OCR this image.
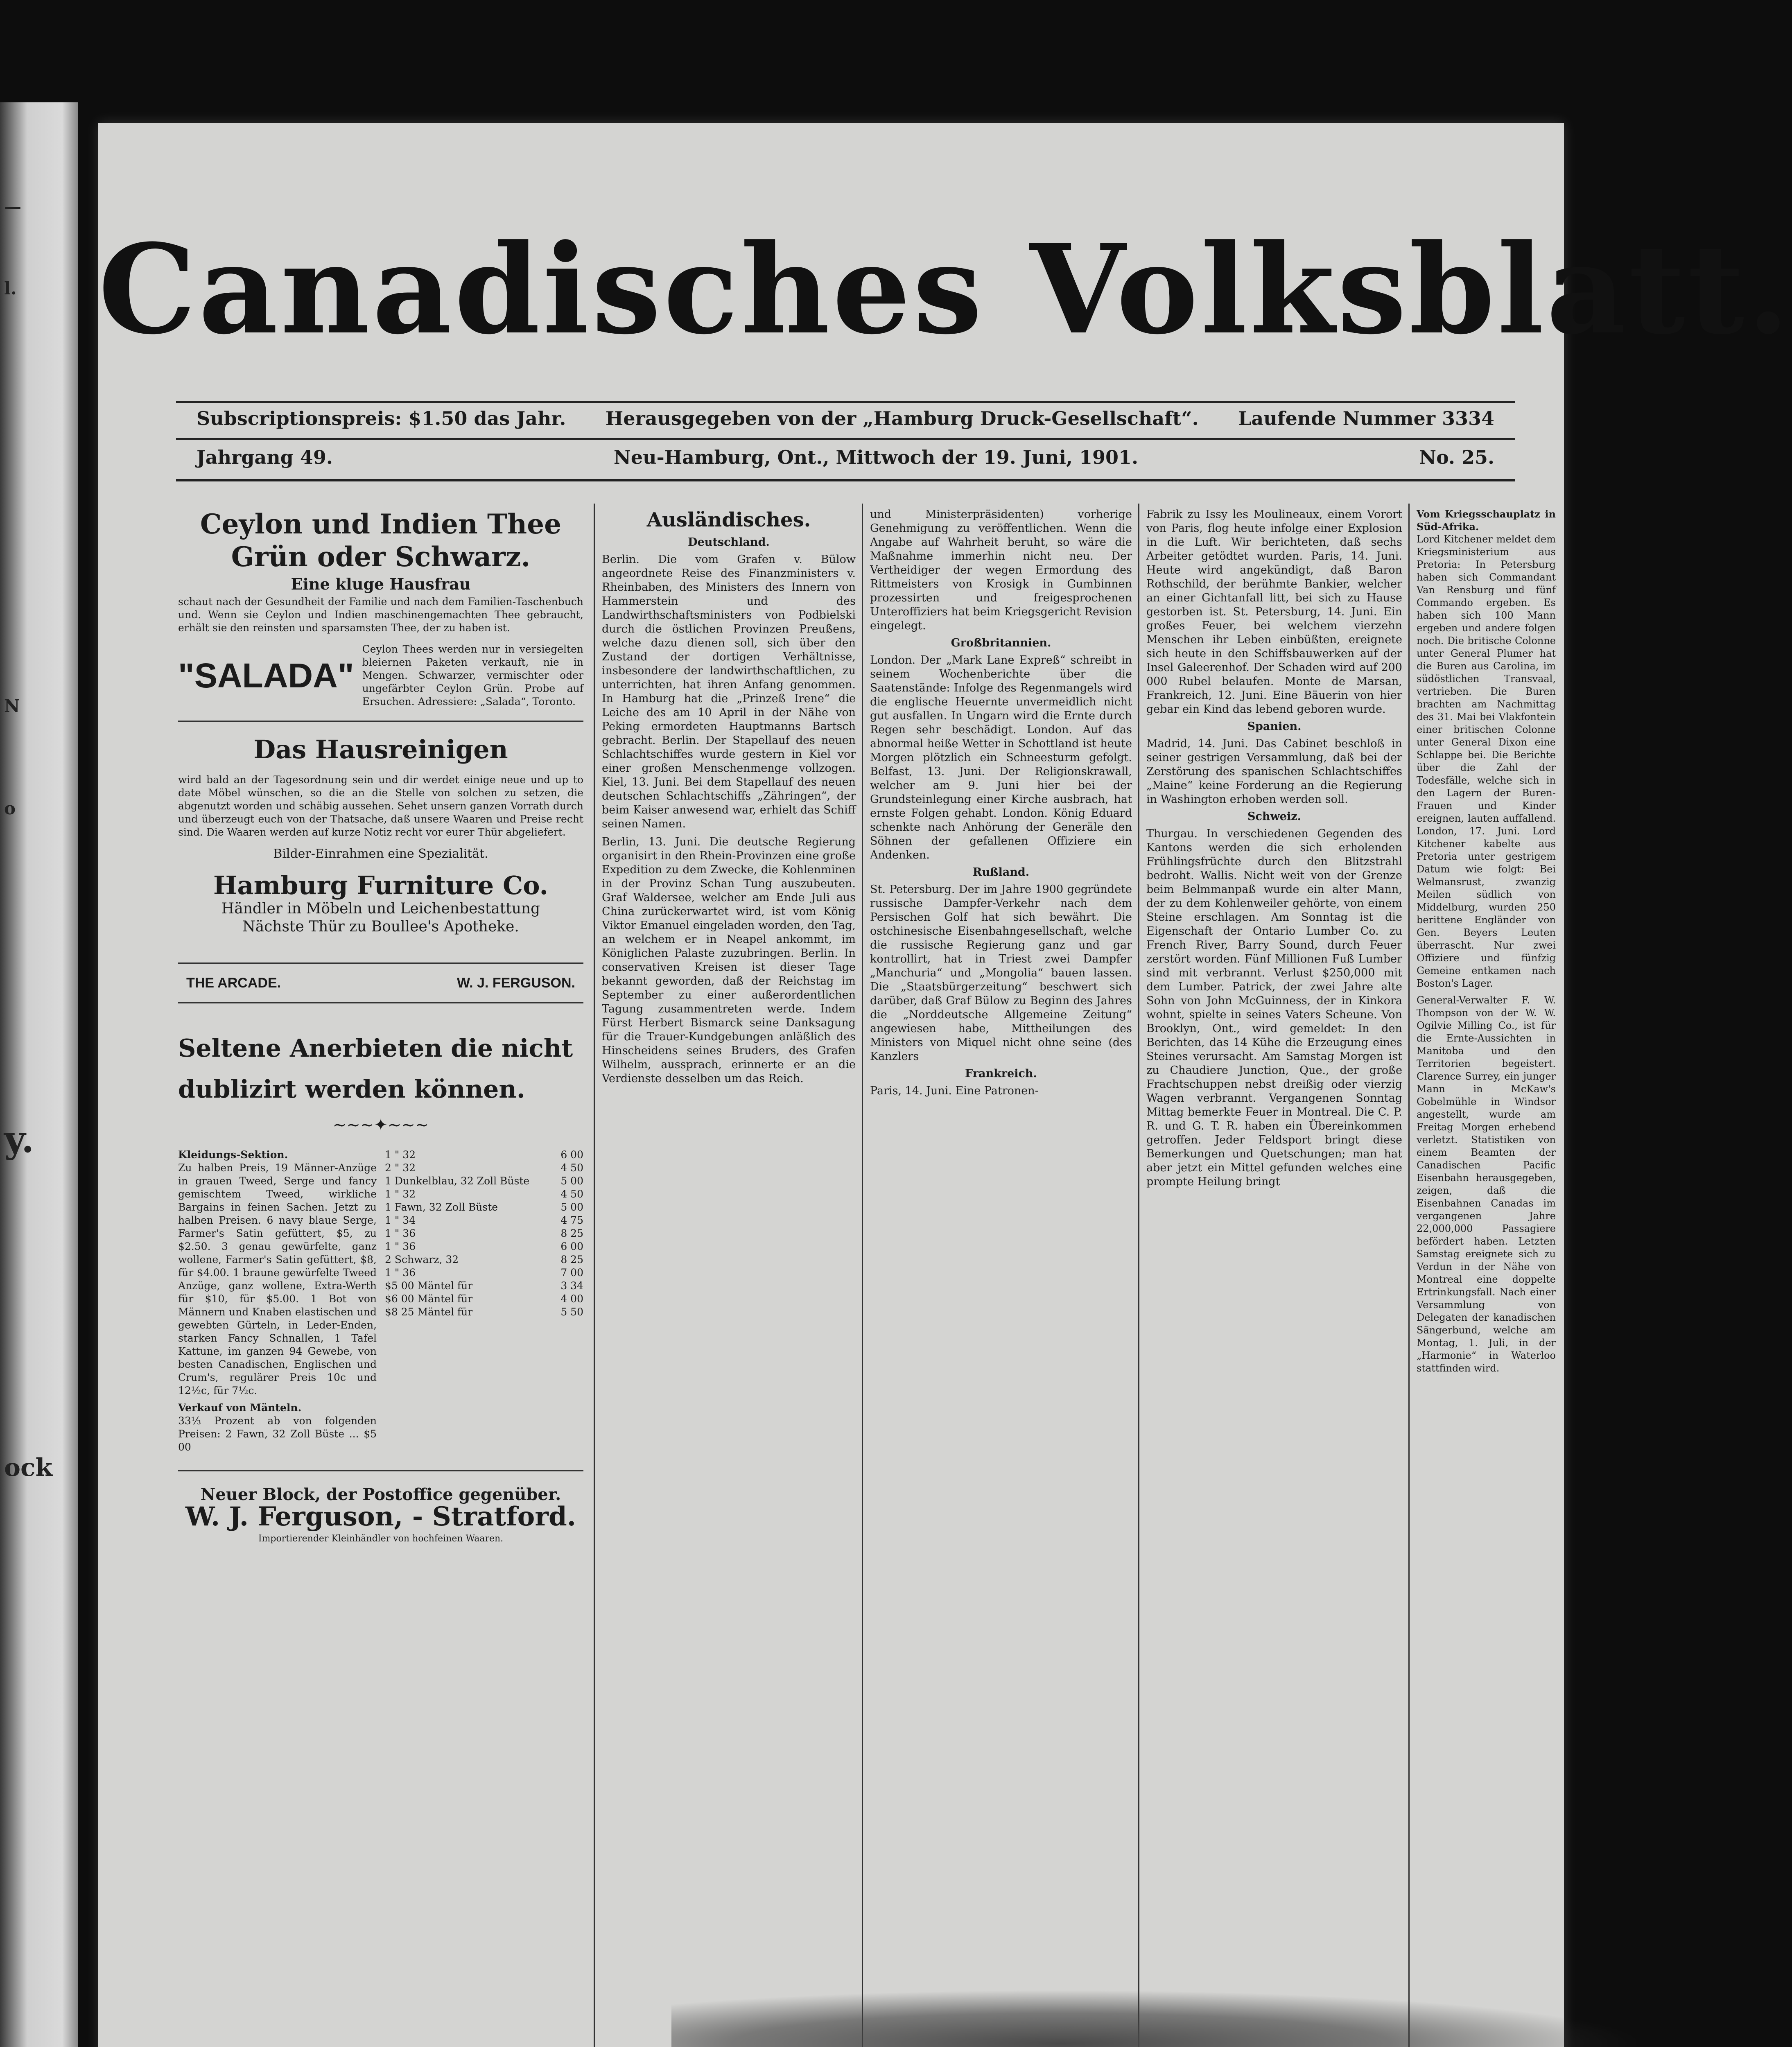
—
l.
N
o
y.
ock
Canadisches Volksblatt.
Subscriptionspreis: $1.50 das Jahr. Herausgegeben von der „Hamburg Druck-Gesellschaft“. Laufende Nummer 3334
Jahrgang 49.	Neu-Hamburg, Ont., Mittwoch der 19. Juni, 1901.	No. 25.
Ceylon und Indien Thee
Grün oder Schwarz.
Eine kluge Hausfrau
schaut nach der Gesundheit der Familie und nach dem Familien-Taschenbuch und. Wenn sie Ceylon und Indien maschinengemachten Thee gebraucht, erhält sie den reinsten und sparsamsten Thee, der zu haben ist.
"SALADA"
Ceylon Thees werden nur in versiegelten bleiernen Paketen verkauft, nie in Mengen. Schwarzer, vermischter oder ungefärbter Ceylon Grün. Probe auf Ersuchen. Adressiere: „Salada“, Toronto.
Das Hausreinigen
wird bald an der Tagesordnung sein und dir werdet einige neue und up to date Möbel wünschen, so die an die Stelle von solchen zu setzen, die abgenutzt worden und schäbig aussehen. Sehet unsern ganzen Vorrath durch und überzeugt euch von der Thatsache, daß unsere Waaren und Preise recht sind. Die Waaren werden auf kurze Notiz recht vor eurer Thür abgeliefert.
Bilder-Einrahmen eine Spezialität.
Hamburg Furniture Co.
Händler in Möbeln und Leichenbestattung
Nächste Thür zu Boullee's Apotheke.
THE ARCADE.	W. J. FERGUSON.
Seltene Anerbieten die nicht
dublizirt werden können.
~~~✦~~~
Kleidungs-Sektion.
Zu halben Preis, 19 Männer-Anzüge in grauen Tweed, Serge und fancy gemischtem Tweed, wirkliche Bargains in feinen Sachen. Jetzt zu halben Preisen. 6 navy blaue Serge, Farmer's Satin gefüttert, $5, zu $2.50. 3 genau gewürfelte, ganz wollene, Farmer's Satin gefüttert, $8, für $4.00. 1 braune gewürfelte Tweed Anzüge, ganz wollene, Extra-Werth für $10, für $5.00. 1 Bot von Männern und Knaben elastischen und gewebten Gürteln, in Leder-Enden, starken Fancy Schnallen, 1 Tafel Kattune, im ganzen 94 Gewebe, von besten Canadischen, Englischen und Crum's, regulärer Preis 10c und 12½c, für 7½c.
Verkauf von Mänteln.
33⅓ Prozent ab von folgenden Preisen: 2 Fawn, 32 Zoll Büste ... $5 00
1 " 32	6 00
2 " 32	4 50
1 Dunkelblau, 32 Zoll Büste	5 00
1 " 32	4 50
1 Fawn, 32 Zoll Büste	5 00
1 " 34	4 75
1 " 36	8 25
1 " 36	6 00
2 Schwarz, 32	8 25
1 " 36	7 00
$5 00 Mäntel für	3 34
$6 00 Mäntel für	4 00
$8 25 Mäntel für	5 50
Neuer Block, der Postoffice gegenüber.
W. J. Ferguson, - Stratford.
Importierender Kleinhändler von hochfeinen Waaren.
Ausländisches.
Deutschland.
Berlin. Die vom Grafen v. Bülow angeordnete Reise des Finanzministers v. Rheinbaben, des Ministers des Innern von Hammerstein und des Landwirthschaftsministers von Podbielski durch die östlichen Provinzen Preußens, welche dazu dienen soll, sich über den Zustand der dortigen Verhältnisse, insbesondere der landwirthschaftlichen, zu unterrichten, hat ihren Anfang genommen. In Hamburg hat die „Prinzeß Irene“ die Leiche des am 10 April in der Nähe von Peking ermordeten Hauptmanns Bartsch gebracht. Berlin. Der Stapellauf des neuen Schlachtschiffes wurde gestern in Kiel vor einer großen Menschenmenge vollzogen. Kiel, 13. Juni. Bei dem Stapellauf des neuen deutschen Schlachtschiffs „Zähringen“, der beim Kaiser anwesend war, erhielt das Schiff seinen Namen.
Berlin, 13. Juni. Die deutsche Regierung organisirt in den Rhein-Provinzen eine große Expedition zu dem Zwecke, die Kohlenminen in der Provinz Schan Tung auszubeuten. Graf Waldersee, welcher am Ende Juli aus China zurückerwartet wird, ist vom König Viktor Emanuel eingeladen worden, den Tag, an welchem er in Neapel ankommt, im Königlichen Palaste zuzubringen. Berlin. In conservativen Kreisen ist dieser Tage bekannt geworden, daß der Reichstag im September zu einer außerordentlichen Tagung zusammentreten werde. Indem Fürst Herbert Bismarck seine Danksagung für die Trauer-Kundgebungen anläßlich des Hinscheidens seines Bruders, des Grafen Wilhelm, aussprach, erinnerte er an die Verdienste desselben um das Reich.
und Ministerpräsidenten) vorherige Genehmigung zu veröffentlichen. Wenn die Angabe auf Wahrheit beruht, so wäre die Maßnahme immerhin nicht neu. Der Vertheidiger der wegen Ermordung des Rittmeisters von Krosigk in Gumbinnen prozessirten und freigesprochenen Unteroffiziers hat beim Kriegsgericht Revision eingelegt.
Großbritannien.
London. Der „Mark Lane Expreß“ schreibt in seinem Wochenberichte über die Saatenstände: Infolge des Regenmangels wird die englische Heuernte unvermeidlich nicht gut ausfallen. In Ungarn wird die Ernte durch Regen sehr beschädigt. London. Auf das abnormal heiße Wetter in Schottland ist heute Morgen plötzlich ein Schneesturm gefolgt. Belfast, 13. Juni. Der Religionskrawall, welcher am 9. Juni hier bei der Grundsteinlegung einer Kirche ausbrach, hat ernste Folgen gehabt. London. König Eduard schenkte nach Anhörung der Generäle den Söhnen der gefallenen Offiziere ein Andenken.
Rußland.
St. Petersburg. Der im Jahre 1900 gegründete russische Dampfer-Verkehr nach dem Persischen Golf hat sich bewährt. Die ostchinesische Eisenbahngesellschaft, welche die russische Regierung ganz und gar kontrollirt, hat in Triest zwei Dampfer „Manchuria“ und „Mongolia“ bauen lassen. Die „Staatsbürgerzeitung“ beschwert sich darüber, daß Graf Bülow zu Beginn des Jahres die „Norddeutsche Allgemeine Zeitung“ angewiesen habe, Mittheilungen des Ministers von Miquel nicht ohne seine (des Kanzlers
Frankreich.
Paris, 14. Juni. Eine Patronen-
Fabrik zu Issy les Moulineaux, einem Vorort von Paris, flog heute infolge einer Explosion in die Luft. Wir berichteten, daß sechs Arbeiter getödtet wurden. Paris, 14. Juni. Heute wird angekündigt, daß Baron Rothschild, der berühmte Bankier, welcher an einer Gichtanfall litt, bei sich zu Hause gestorben ist. St. Petersburg, 14. Juni. Ein großes Feuer, bei welchem vierzehn Menschen ihr Leben einbüßten, ereignete sich heute in den Schiffsbauwerken auf der Insel Galeerenhof. Der Schaden wird auf 200 000 Rubel belaufen. Monte de Marsan, Frankreich, 12. Juni. Eine Bäuerin von hier gebar ein Kind das lebend geboren wurde.
Spanien.
Madrid, 14. Juni. Das Cabinet beschloß in seiner gestrigen Versammlung, daß bei der Zerstörung des spanischen Schlachtschiffes „Maine“ keine Forderung an die Regierung in Washington erhoben werden soll.
Schweiz.
Thurgau. In verschiedenen Gegenden des Kantons werden die sich erholenden Frühlingsfrüchte durch den Blitzstrahl bedroht. Wallis. Nicht weit von der Grenze beim Belmmanpaß wurde ein alter Mann, der zu dem Kohlenweiler gehörte, von einem Steine erschlagen. Am Sonntag ist die Eigenschaft der Ontario Lumber Co. zu French River, Barry Sound, durch Feuer zerstört worden. Fünf Millionen Fuß Lumber sind mit verbrannt. Verlust $250,000 mit dem Lumber. Patrick, der zwei Jahre alte Sohn von John McGuinness, der in Kinkora wohnt, spielte in seines Vaters Scheune. Von Brooklyn, Ont., wird gemeldet: In den Berichten, das 14 Kühe die Erzeugung eines Steines verursacht. Am Samstag Morgen ist zu Chaudiere Junction, Que., der große Frachtschuppen nebst dreißig oder vierzig Wagen verbrannt. Vergangenen Sonntag Mittag bemerkte Feuer in Montreal. Die C. P. R. und G. T. R. haben ein Übereinkommen getroffen. Jeder Feldsport bringt diese Bemerkungen und Quetschungen; man hat aber jetzt ein Mittel gefunden welches eine prompte Heilung bringt
Vom Kriegsschauplatz in Süd-Afrika.
Lord Kitchener meldet dem Kriegsministerium aus Pretoria: In Petersburg haben sich Commandant Van Rensburg und fünf Commando ergeben. Es haben sich 100 Mann ergeben und andere folgen noch. Die britische Colonne unter General Plumer hat die Buren aus Carolina, im südöstlichen Transvaal, vertrieben. Die Buren brachten am Nachmittag des 31. Mai bei Vlakfontein einer britischen Colonne unter General Dixon eine Schlappe bei. Die Berichte über die Zahl der Todesfälle, welche sich in den Lagern der Buren-Frauen und Kinder ereignen, lauten auffallend. London, 17. Juni. Lord Kitchener kabelte aus Pretoria unter gestrigem Datum wie folgt: Bei Welmansrust, zwanzig Meilen südlich von Middelburg, wurden 250 berittene Engländer von Gen. Beyers Leuten überrascht. Nur zwei Offiziere und fünfzig Gemeine entkamen nach Boston's Lager.
General-Verwalter F. W. Thompson von der W. W. Ogilvie Milling Co., ist für die Ernte-Aussichten in Manitoba und den Territorien begeistert. Clarence Surrey, ein junger Mann in McKaw's Gobelmühle in Windsor angestellt, wurde am Freitag Morgen erhebend verletzt. Statistiken von einem Beamten der Canadischen Pacific Eisenbahn herausgegeben, zeigen, daß die Eisenbahnen Canadas im vergangenen Jahre 22,000,000 Passagiere befördert haben. Letzten Samstag ereignete sich zu Verdun in der Nähe von Montreal eine doppelte Ertrinkungsfall. Nach einer Versammlung von Delegaten der kanadischen Sängerbund, welche am Montag, 1. Juli, in der „Harmonie“ in Waterloo stattfinden wird.
